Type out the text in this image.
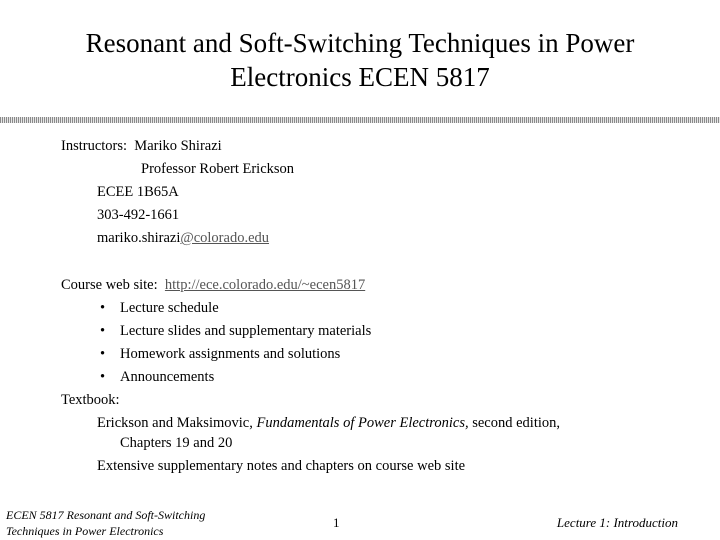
Resonant and Soft-Switching Techniques in Power
Electronics ECEN 5817
Instructors: Mariko Shirazi
Professor Robert Erickson
ECEE 1B65A
303-492-1661
mariko.shirazi@colorado.edu
Course web site: http://ece.colorado.edu/~ecen5817
• Lecture schedule
• Lecture slides and supplementary materials
• Homework assignments and solutions
• Announcements
Textbook:
Erickson and Maksimovic, Fundamentals of Power Electronics, second edition,
Chapters 19 and 20
Extensive supplementary notes and chapters on course web site
ECEN 5817 Resonant and Soft-Switching
Techniques in Power Electronics
1	Lecture 1: Introduction
